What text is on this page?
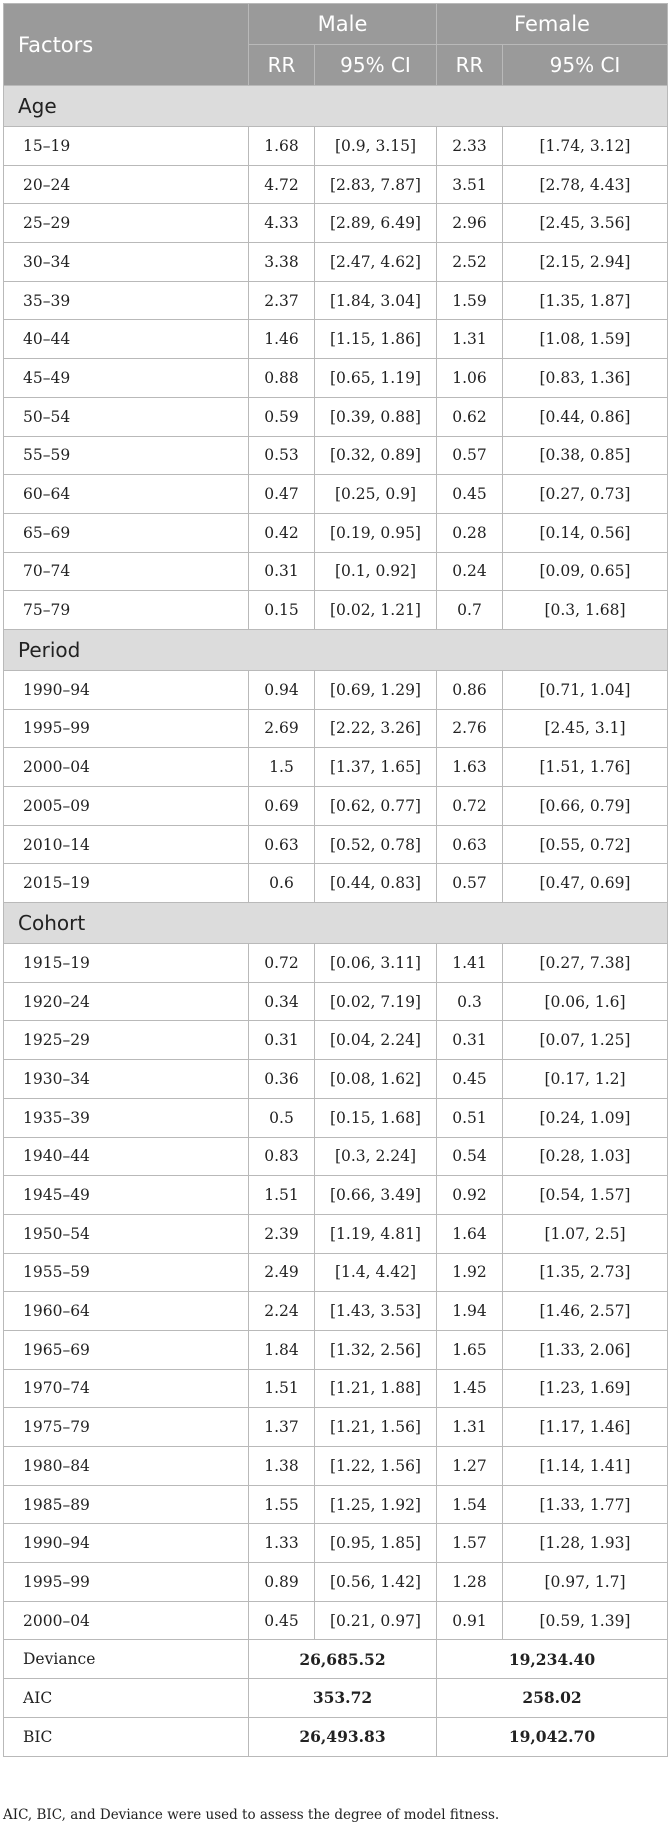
Factors	Male		Female	
	RR	95% CI	RR	95% CI
Age				
15–19	1.68	[0.9, 3.15]	2.33	[1.74, 3.12]
20–24	4.72	[2.83, 7.87]	3.51	[2.78, 4.43]
25–29	4.33	[2.89, 6.49]	2.96	[2.45, 3.56]
30–34	3.38	[2.47, 4.62]	2.52	[2.15, 2.94]
35–39	2.37	[1.84, 3.04]	1.59	[1.35, 1.87]
40–44	1.46	[1.15, 1.86]	1.31	[1.08, 1.59]
45–49	0.88	[0.65, 1.19]	1.06	[0.83, 1.36]
50–54	0.59	[0.39, 0.88]	0.62	[0.44, 0.86]
55–59	0.53	[0.32, 0.89]	0.57	[0.38, 0.85]
60–64	0.47	[0.25, 0.9]	0.45	[0.27, 0.73]
65–69	0.42	[0.19, 0.95]	0.28	[0.14, 0.56]
70–74	0.31	[0.1, 0.92]	0.24	[0.09, 0.65]
75–79	0.15	[0.02, 1.21]	0.7	[0.3, 1.68]
Period				
1990–94	0.94	[0.69, 1.29]	0.86	[0.71, 1.04]
1995–99	2.69	[2.22, 3.26]	2.76	[2.45, 3.1]
2000–04	1.5	[1.37, 1.65]	1.63	[1.51, 1.76]
2005–09	0.69	[0.62, 0.77]	0.72	[0.66, 0.79]
2010–14	0.63	[0.52, 0.78]	0.63	[0.55, 0.72]
2015–19	0.6	[0.44, 0.83]	0.57	[0.47, 0.69]
Cohort				
1915–19	0.72	[0.06, 3.11]	1.41	[0.27, 7.38]
1920–24	0.34	[0.02, 7.19]	0.3	[0.06, 1.6]
1925–29	0.31	[0.04, 2.24]	0.31	[0.07, 1.25]
1930–34	0.36	[0.08, 1.62]	0.45	[0.17, 1.2]
1935–39	0.5	[0.15, 1.68]	0.51	[0.24, 1.09]
1940–44	0.83	[0.3, 2.24]	0.54	[0.28, 1.03]
1945–49	1.51	[0.66, 3.49]	0.92	[0.54, 1.57]
1950–54	2.39	[1.19, 4.81]	1.64	[1.07, 2.5]
1955–59	2.49	[1.4, 4.42]	1.92	[1.35, 2.73]
1960–64	2.24	[1.43, 3.53]	1.94	[1.46, 2.57]
1965–69	1.84	[1.32, 2.56]	1.65	[1.33, 2.06]
1970–74	1.51	[1.21, 1.88]	1.45	[1.23, 1.69]
1975–79	1.37	[1.21, 1.56]	1.31	[1.17, 1.46]
1980–84	1.38	[1.22, 1.56]	1.27	[1.14, 1.41]
1985–89	1.55	[1.25, 1.92]	1.54	[1.33, 1.77]
1990–94	1.33	[0.95, 1.85]	1.57	[1.28, 1.93]
1995–99	0.89	[0.56, 1.42]	1.28	[0.97, 1.7]
2000–04	0.45	[0.21, 0.97]	0.91	[0.59, 1.39]
Deviance	26,685.52		19,234.40	
AIC	353.72		258.02	
BIC	26,493.83		19,042.70	
AIC, BIC, and Deviance were used to assess the degree of model fitness.
